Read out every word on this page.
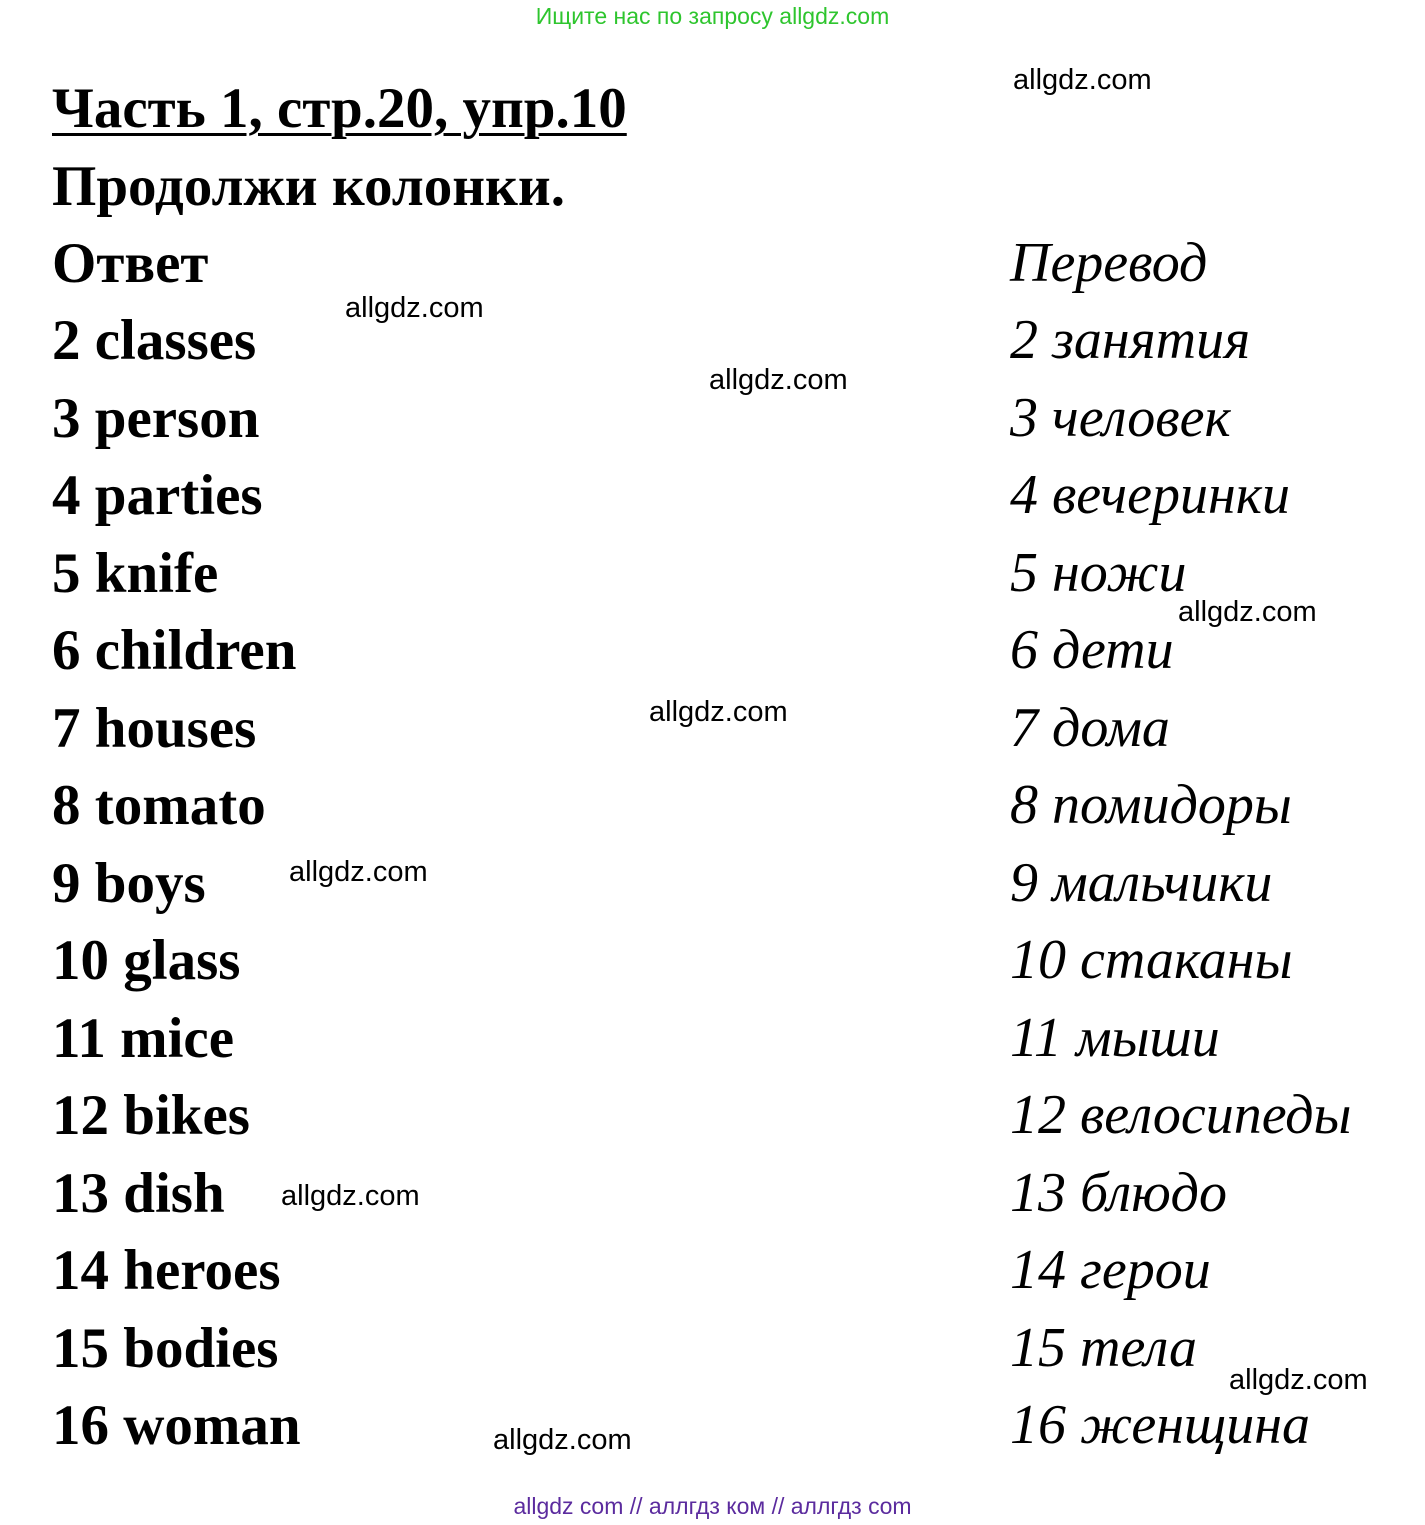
Ищите нас по запросу allgdz.com
Часть 1, стр.20, упр.10
Продолжи колонки.
Ответ	Перевод
2 classes
3 person
4 parties
5 knife
6 children
7 houses
8 tomato
9 boys
10 glass
11 mice
12 bikes
13 dish
14 heroes
15 bodies
16 woman
2 занятия
3 человек
4 вечеринки
5 ножи
6 дети
7 дома
8 помидоры
9 мальчики
10 стаканы
11 мыши
12 велосипеды
13 блюдо
14 герои
15 тела
16 женщина
allgdz.com
allgdz.com
allgdz.com
allgdz.com
allgdz.com
allgdz.com
allgdz.com
allgdz.com
allgdz.com
allgdz com // аллгдз ком // аллгдз com
